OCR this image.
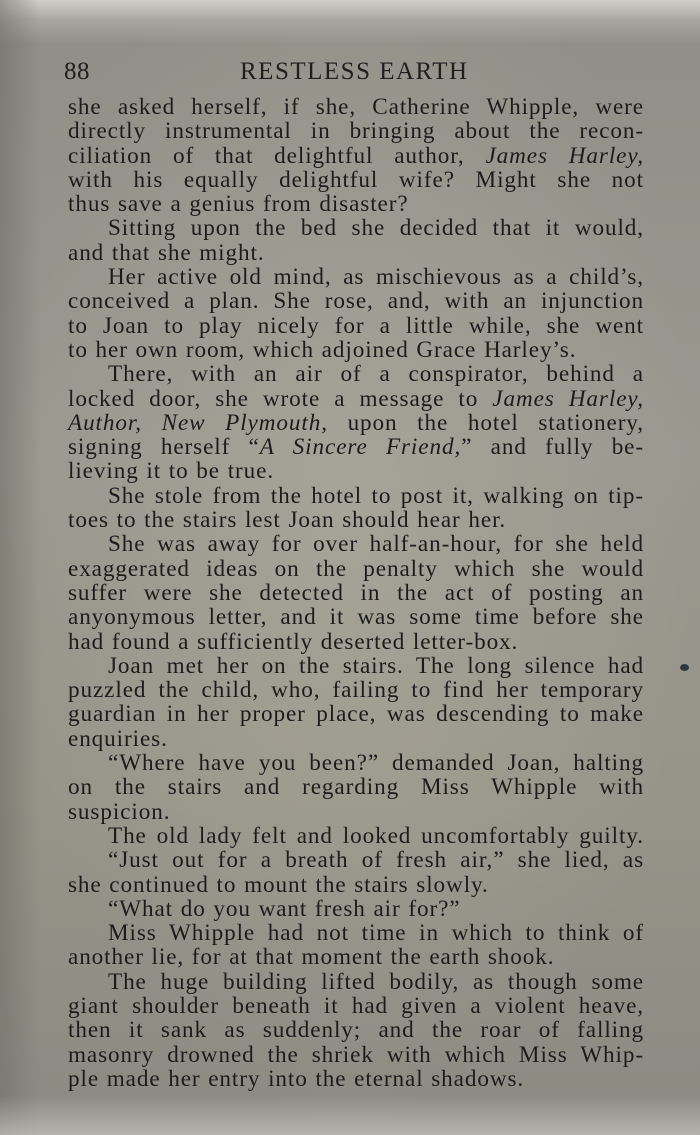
88	RESTLESS EARTH
she asked herself, if she, Catherine Whipple, were
directly instrumental in bringing about the recon-
ciliation of that delightful author, James Harley,
with his equally delightful wife? Might she not
thus save a genius from disaster?
Sitting upon the bed she decided that it would,
and that she might.
Her active old mind, as mischievous as a child’s,
conceived a plan. She rose, and, with an injunction
to Joan to play nicely for a little while, she went
to her own room, which adjoined Grace Harley’s.
There, with an air of a conspirator, behind a
locked door, she wrote a message to James Harley,
Author, New Plymouth, upon the hotel stationery,
signing herself “A Sincere Friend,” and fully be-
lieving it to be true.
She stole from the hotel to post it, walking on tip-
toes to the stairs lest Joan should hear her.
She was away for over half-an-hour, for she held
exaggerated ideas on the penalty which she would
suffer were she detected in the act of posting an
anyonymous letter, and it was some time before she
had found a sufficiently deserted letter-box.
Joan met her on the stairs. The long silence had
puzzled the child, who, failing to find her temporary
guardian in her proper place, was descending to make
enquiries.
“Where have you been?” demanded Joan, halting
on the stairs and regarding Miss Whipple with
suspicion.
The old lady felt and looked uncomfortably guilty.
“Just out for a breath of fresh air,” she lied, as
she continued to mount the stairs slowly.
“What do you want fresh air for?”
Miss Whipple had not time in which to think of
another lie, for at that moment the earth shook.
The huge building lifted bodily, as though some
giant shoulder beneath it had given a violent heave,
then it sank as suddenly; and the roar of falling
masonry drowned the shriek with which Miss Whip-
ple made her entry into the eternal shadows.
